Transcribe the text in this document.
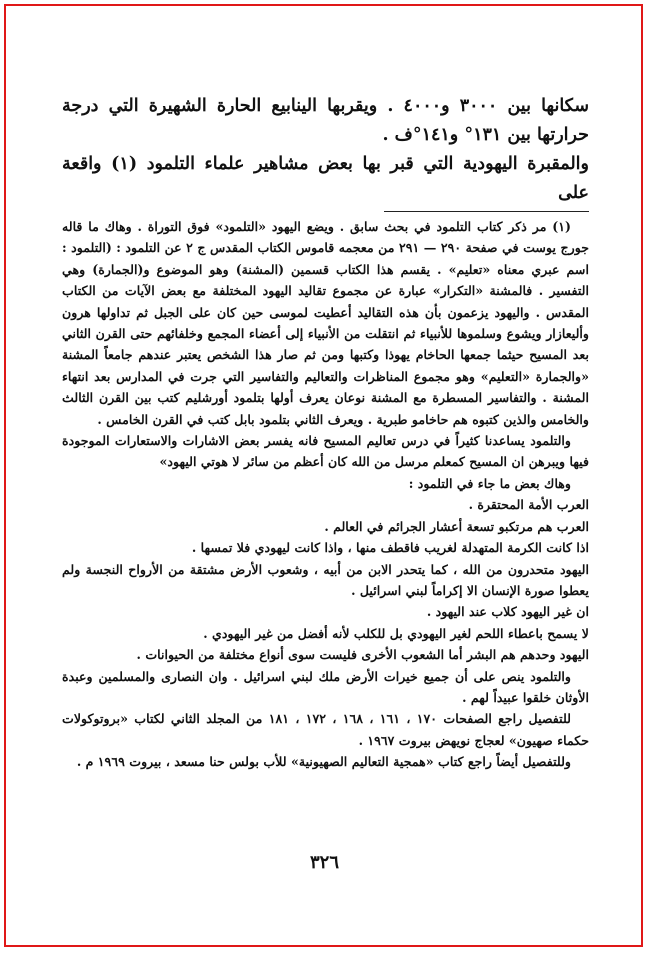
سكانها بين ٣٠٠٠ و٤٠٠٠ . ويقربها الينابيع الحارة الشهيرة التي درجة حرارتها بين ١٣١° و١٤١°ف .

والمقبرة اليهودية التي قبر بها بعض مشاهير علماء التلمود (١) واقعة على

(١) مر ذكر كتاب التلمود في بحث سابق . ويضع اليهود «التلمود» فوق التوراة . وهاك ما قاله جورج يوست في صفحة ٢٩٠ — ٢٩١ من معجمه قاموس الكتاب المقدس ج ٢ عن التلمود : (التلمود : اسم عبري معناه «تعليم» . يقسم هذا الكتاب قسمين (المشنة) وهو الموضوع و(الجمارة) وهي التفسير . فالمشنة «التكرار» عبارة عن مجموع تقاليد اليهود المختلفة مع بعض الآيات من الكتاب المقدس . واليهود يزعمون بأن هذه التقاليد أعطيت لموسى حين كان على الجبل ثم تداولها هرون وأليعازار ويشوع وسلموها للأنبياء ثم انتقلت من الأنبياء إلى أعضاء المجمع وخلفائهم حتى القرن الثاني بعد المسيح حيثما جمعها الحاخام يهوذا وكتبها ومن ثم صار هذا الشخص يعتبر عندهم جامعاً المشنة «والجمارة «التعليم» وهو مجموع المناظرات والتعاليم والتفاسير التي جرت في المدارس بعد انتهاء المشنة . والتفاسير المسطرة مع المشنة نوعان يعرف أولها بتلمود أورشليم كتب بين القرن الثالث والخامس والذين كتبوه هم حاخامو طبرية . ويعرف الثاني بتلمود بابل كتب في القرن الخامس .

والتلمود يساعدنا كثيراً في درس تعاليم المسيح فانه يفسر بعض الاشارات والاستعارات الموجودة فيها ويبرهن ان المسيح كمعلم مرسل من الله كان أعظم من سائر لا هوتي اليهود»

وهاك بعض ما جاء في التلمود :

العرب الأمة المحتقرة .

العرب هم مرتكبو تسعة أعشار الجرائم في العالم .

اذا كانت الكرمة المتهدلة لغريب فاقطف منها ، واذا كانت ليهودي فلا تمسها .

اليهود متحدرون من الله ، كما يتحدر الابن من أبيه ، وشعوب الأرض مشتقة من الأرواح النجسة ولم يعطوا صورة الإنسان الا إكراماً لبني اسرائيل .

ان غير اليهود كلاب عند اليهود .

لا يسمح باعطاء اللحم لغير اليهودي بل للكلب لأنه أفضل من غير اليهودي .

اليهود وحدهم هم البشر أما الشعوب الأخرى فليست سوى أنواع مختلفة من الحيوانات .

والتلمود ينص على أن جميع خيرات الأرض ملك لبني اسرائيل . وان النصارى والمسلمين وعبدة الأوثان خلقوا عبيداً لهم .

للتفصيل راجع الصفحات ١٧٠ ، ١٦١ ، ١٦٨ ، ١٧٢ ، ١٨١ من المجلد الثاني لكتاب «بروتوكولات حكماء صهيون» لعجاج نويهض بيروت ١٩٦٧ .

وللتفصيل أيضاً راجع كتاب «همجية التعاليم الصهيونية» للأب بولس حنا مسعد ، بيروت ١٩٦٩ م .

٣٢٦
